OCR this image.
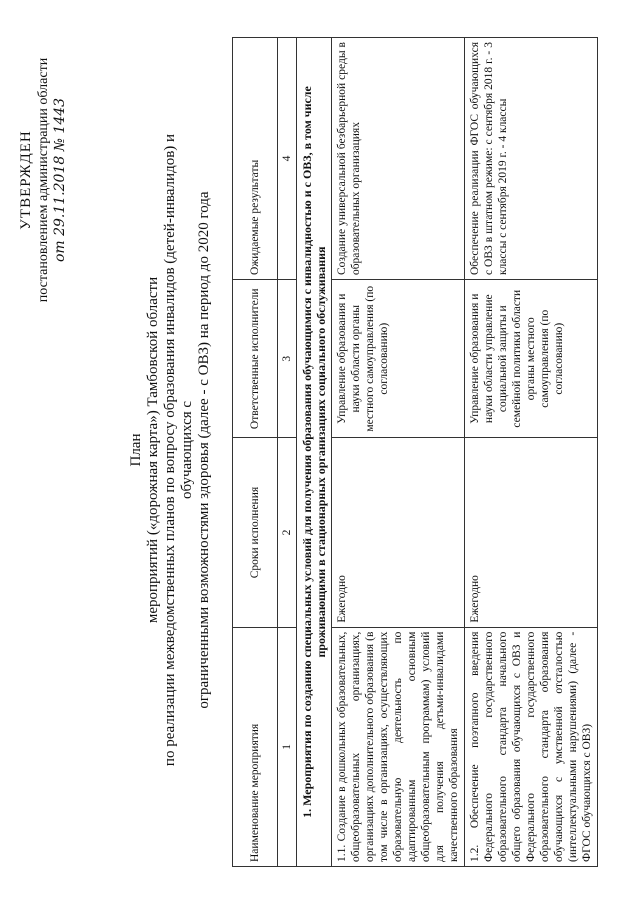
УТВЕРЖДЕН постановлением администрации области от 29.11.2018 № 1443
План мероприятий («дорожная карта») Тамбовской области по реализации межведомственных планов по вопросу образования инвалидов (детей-инвалидов) и обучающихся с ограниченными возможностями здоровья (далее - с ОВЗ) на период до 2020 года
Наименование мероприятия	Сроки исполнения	Ответственные исполнители	Ожидаемые результаты
1	2	3	4
1. Мероприятия по созданию специальных условий для получения образования обучающимися с инвалидностью и с ОВЗ, в том числе проживающими в стационарных организациях социального обслуживания			
1.1. Создание в дошкольных образовательных, общеобразовательных организациях, организациях дополнительного образования (в том числе в организациях, осуществляющих образовательную деятельность по адаптированным основным общеобразовательным программам) условий для получения детьми-инвалидами качественного образования	Ежегодно	Управление образования и науки области органы местного самоуправления (по согласованию)	Создание универсальной безбарьерной среды в образовательных организациях
1.2. Обеспечение поэтапного введения Федерального государственного образовательного стандарта начального общего образования обучающихся с ОВЗ и Федерального государственного образовательного стандарта образования обучающихся с умственной отсталостью (интеллектуальными нарушениями) (далее - ФГОС обучающихся с ОВЗ)	Ежегодно	Управление образования и науки области управление социальной защиты и семейной политики области органы местного самоуправления (по согласованию)	Обеспечение реализации ФГОС обучающихся с ОВЗ в штатном режиме: с сентября 2018 г. - 3 классы с сентября 2019 г. - 4 классы
